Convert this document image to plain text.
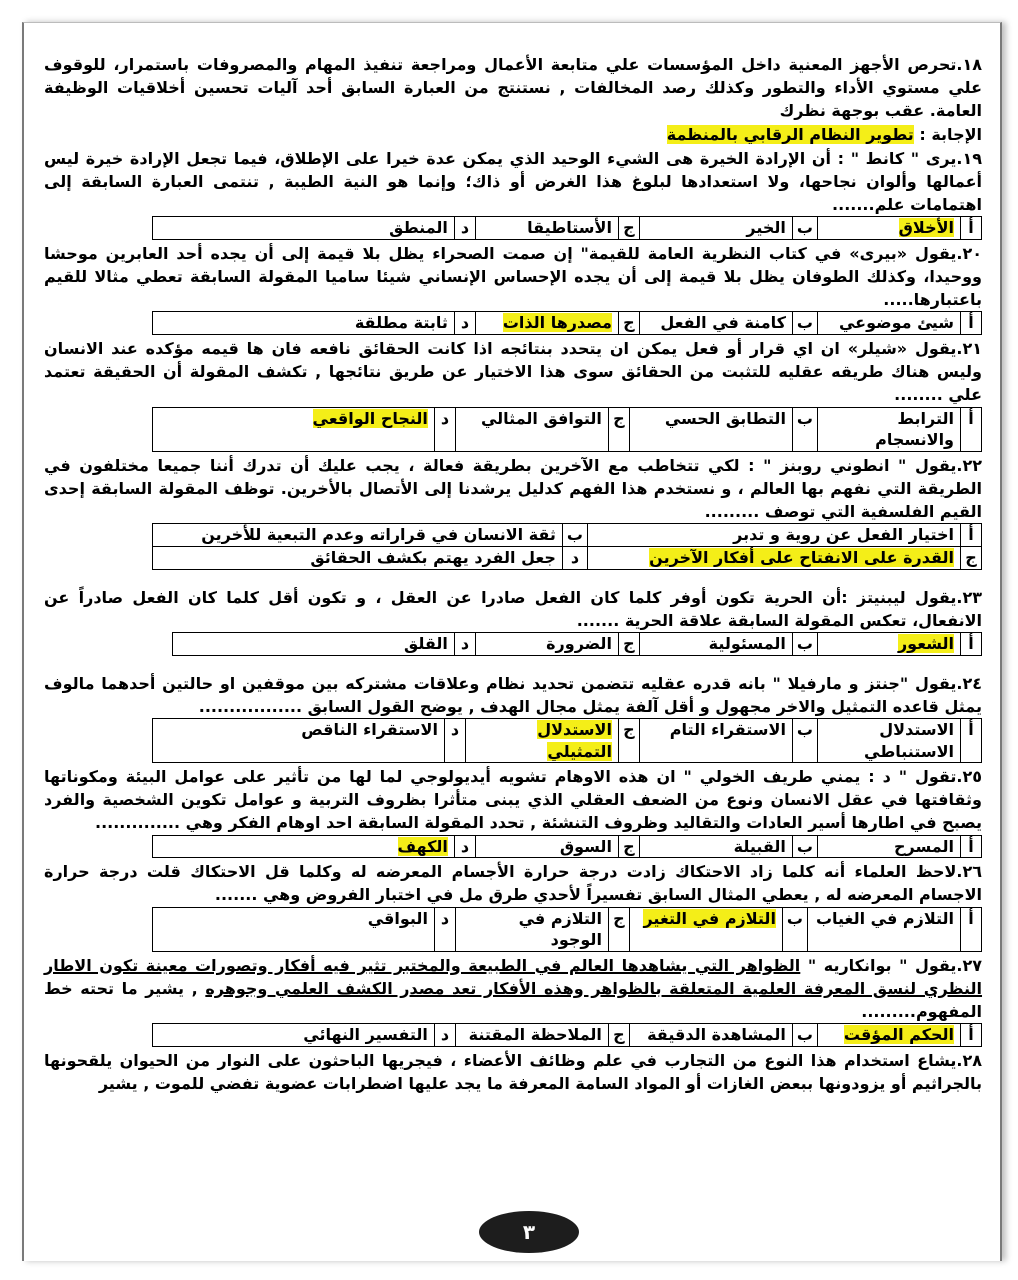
١٨.تحرص الأجهز المعنية داخل المؤسسات علي متابعة الأعمال ومراجعة تنفيذ المهام والمصروفات باستمرار، للوقوف علي مستوي الأداء والتطور وكذلك رصد المخالفات , نستنتج من العبارة السابق أحد آليات تحسين أخلاقيات الوظيفة العامة. عقب بوجهة نظرك

الإجابة : تطوير النظام الرقابي بالمنظمة

١٩.يرى " كانط " : أن الإرادة الخيرة هى الشيء الوحيد الذي يمكن عدة خيرا على الإطلاق، فيما تجعل الإرادة خيرة ليس أعمالها وألوان نجاحها، ولا استعدادها لبلوغ هذا الغرض أو ذاك؛ وإنما هو النية الطيبة , تنتمى العبارة السابقة إلى اهتمامات علم.......

أ	الأخلاق	ب	الخير	ج	الأستاطيقا	د	المنطق

٢٠.يقول «بيرى» في كتاب النظرية العامة للقيمة" إن صمت الصحراء يظل بلا قيمة إلى أن يجده أحد العابرين موحشا ووحيدا، وكذلك الطوفان يظل بلا قيمة إلى أن يجده الإحساس الإنساني شيئا ساميا المقولة السابقة تعطي مثالا للقيم باعتبارها.....

أ	شيئ موضوعي	ب	كامنة في الفعل	ج	مصدرها الذات	د	ثابتة مطلقة

٢١.يقول «شيلر» ان اي قرار أو فعل يمكن ان يتحدد بنتائجه اذا كانت الحقائق نافعه فان ها قيمه مؤكده عند الانسان وليس هناك طريقه عقليه للتثبت من الحقائق سوى هذا الاختيار عن طريق نتائجها , تكشف المقولة أن الحقيقة تعتمد علي ........

أ	الترابط والانسجام	ب	التطابق الحسي	ج	التوافق المثالي	د	النجاح الواقعي

٢٢.يقول " انطوني روبنز " : لكي تتخاطب مع الآخرين بطريقة فعالة ، يجب عليك أن تدرك أننا جميعا مختلفون في الطريقة التي نفهم بها العالم ، و نستخدم هذا الفهم كدليل يرشدنا إلى الأتصال بالأخرين. توظف المقولة السابقة إحدى القيم الفلسفية التي توصف .........

أ	اختيار الفعل عن روية و تدبر	ب	ثقة الانسان في قراراته وعدم التبعية للأخرين
ج	القدرة على الانفتاح على أفكار الآخرين	د	جعل الفرد يهتم بكشف الحقائق

٢٣.يقول ليبنيتز :أن الحرية تكون أوفر كلما كان الفعل صادرا عن العقل ، و تكون أقل كلما كان الفعل صادراً عن الانفعال، تعكس المقولة السابقة علاقة الحرية .......

أ	الشعور	ب	المسئولية	ج	الضرورة	د	القلق

٢٤.يقول "جنتز و مارفيلا " بانه قدره عقليه تتضمن تحديد نظام وعلاقات مشتركه بين موقفين او حالتين أحدهما مالوف يمثل قاعده التمثيل والاخر مجهول و أقل آلفة يمثل مجال الهدف , يوضح القول السابق .................

أ	الاستدلال الاستنباطي	ب	الاستقراء التام	ج	الاستدلال التمثيلي	د	الاستقراء الناقص

٢٥.تقول " د : يمني طريف الخولي " ان هذه الاوهام تشويه أيديولوجي لما لها من تأثير على عوامل البيئة ومكوناتها وثقافتها في عقل الانسان ونوع من الضعف العقلي الذي يبنى متأثرا بظروف التربية و عوامل تكوين الشخصية والفرد يصبح في اطارها أسير العادات والتقاليد وظروف التنشئة , تحدد المقولة السابقة احد اوهام الفكر وهي ..............

أ	المسرح	ب	القبيلة	ج	السوق	د	الكهف

٢٦.لاحظ العلماء أنه كلما زاد الاحتكاك زادت درجة حرارة الأجسام المعرضه له وكلما قل الاحتكاك قلت درجة حرارة الاجسام المعرضه له , يعطي المثال السابق تفسيراً لأحدي طرق مل في اختبار الفروض وهي .......

أ	التلازم في الغياب	ب	التلازم في التغير	ج	التلازم في الوجود	د	البواقي

٢٧.يقول " بوانكاريه " الظواهر التي يشاهدها العالم في الطبيعة والمختبر تثير فيه أفكار وتصورات معينة تكون الاطار النظري لنسق المعرفة العلمية المتعلقة بالظواهر وهذه الأفكار تعد مصدر الكشف العلمي وجوهره , يشير ما تحته خط المفهوم.........

أ	الحكم المؤقت	ب	المشاهدة الدقيقة	ج	الملاحظة المقتنة	د	التفسير النهائي

٢٨.يشاع استخدام هذا النوع من التجارب في علم وظائف الأعضاء ، فيجريها الباحثون على النوار من الحيوان يلقحونها بالجراثيم أو يزودونها ببعض الغازات أو المواد السامة المعرفة ما يجد عليها اضطرابات عضوية تفضي للموت , يشير

٣
